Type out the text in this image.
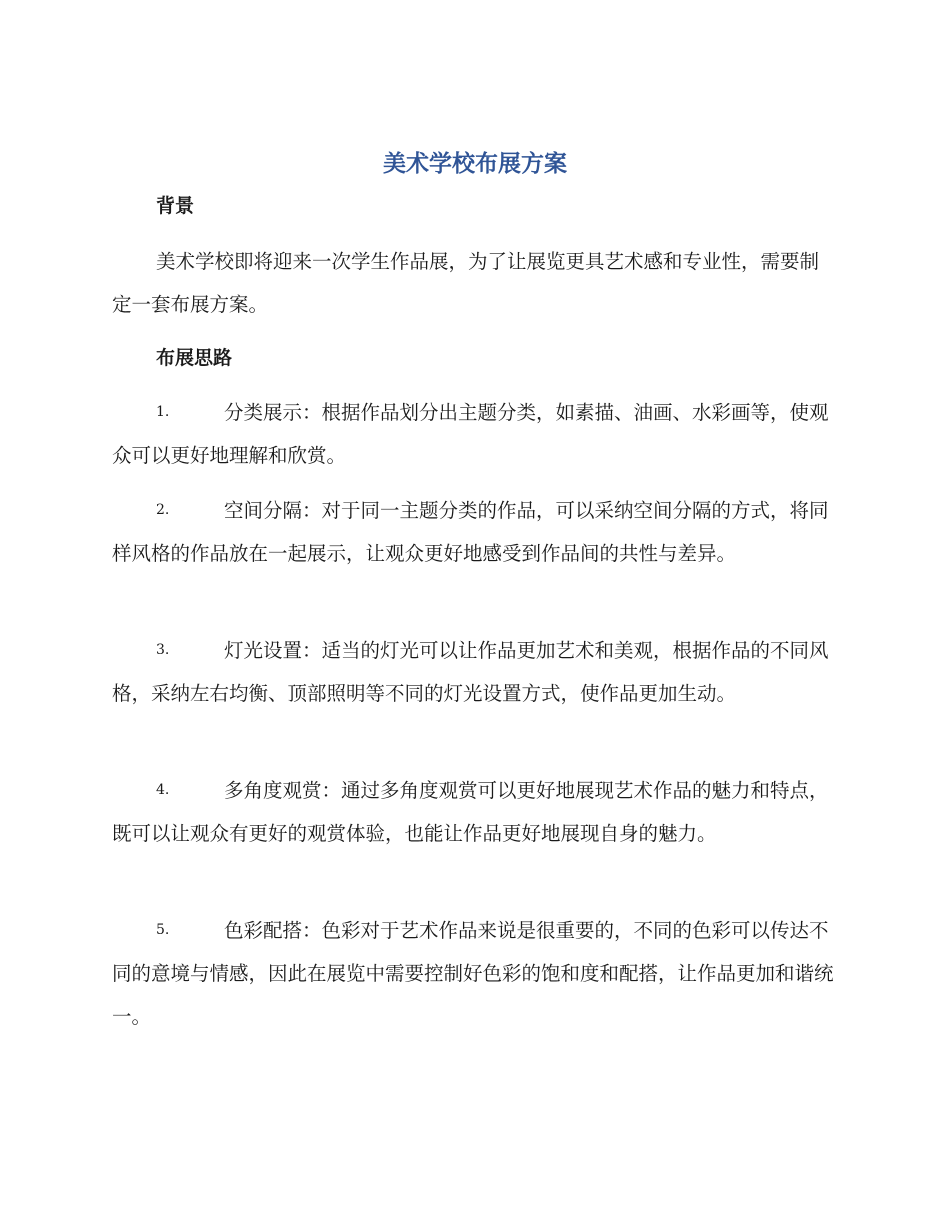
美术学校布展方案
背景

美术学校即将迎来一次学生作品展，为了让展览更具艺术感和专业性，需要制定一套布展方案。

布展思路
1.	分类展示：根据作品划分出主题分类，如素描、油画、水彩画等，使观众可以更好地理解和欣赏。
2.	空间分隔：对于同一主题分类的作品，可以采纳空间分隔的方式，将同样风格的作品放在一起展示，让观众更好地感受到作品间的共性与差异。
3.	灯光设置：适当的灯光可以让作品更加艺术和美观，根据作品的不同风格，采纳左右均衡、顶部照明等不同的灯光设置方式，使作品更加生动。
4.	多角度观赏：通过多角度观赏可以更好地展现艺术作品的魅力和特点，既可以让观众有更好的观赏体验，也能让作品更好地展现自身的魅力。
5.	色彩配搭：色彩对于艺术作品来说是很重要的，不同的色彩可以传达不同的意境与情感，因此在展览中需要控制好色彩的饱和度和配搭，让作品更加和谐统一。
